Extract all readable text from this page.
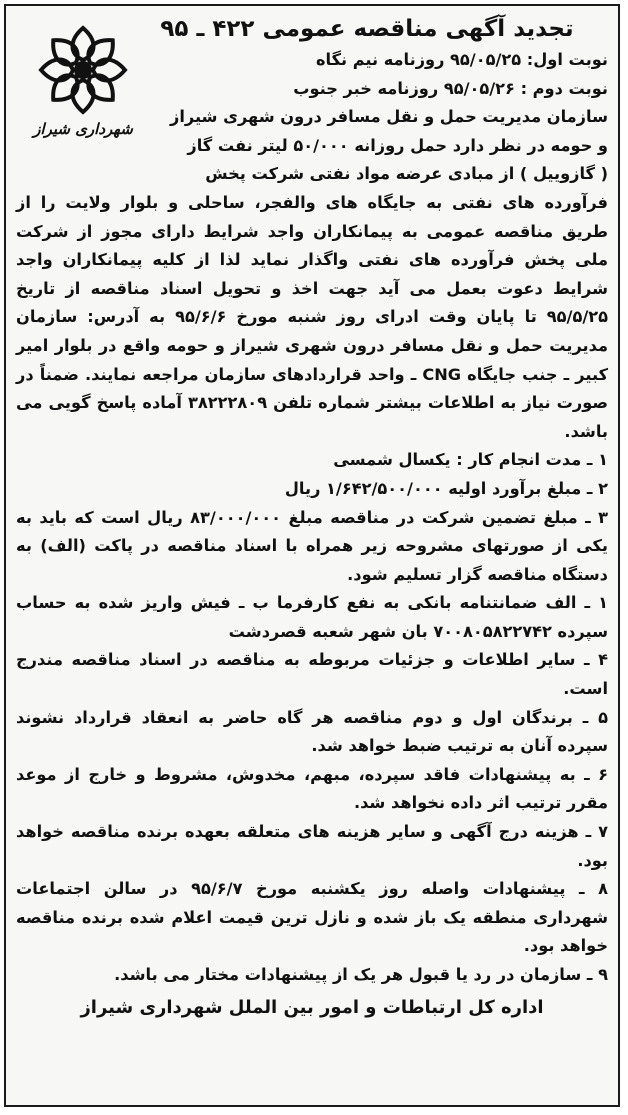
شهرداری شیراز
تجدید آگهی مناقصه عمومی ۴۲۲ ـ ۹۵

نوبت اول: ۹۵/۰۵/۲۵ روزنامه نیم نگاه

نوبت دوم : ۹۵/۰۵/۲۶ روزنامه خبر جنوب

سازمان مدیریت حمل و نقل مسافر درون شهری شیراز

و حومه در نظر دارد حمل روزانه ۵۰/۰۰۰ لیتر نفت گاز

( گازوییل ) از مبادی عرضه مواد نفتی شرکت پخش

فرآورده های نفتی به جایگاه های والفجر، ساحلی و بلوار ولایت را از طریق مناقصه عمومی به پیمانکاران واجد شرایط دارای مجوز از شرکت ملی پخش فرآورده های نفتی واگذار نماید لذا از کلیه پیمانکاران واجد شرایط دعوت بعمل می آید جهت اخذ و تحویل اسناد مناقصه از تاریخ ۹۵/۵/۲۵ تا پایان وقت ادرای روز شنبه مورخ ۹۵/۶/۶ به آدرس: سازمان مدیریت حمل و نقل مسافر درون شهری شیراز و حومه واقع در بلوار امیر کبیر ـ جنب جایگاه CNG ـ واحد قراردادهای سازمان مراجعه نمایند. ضمناً در صورت نیاز به اطلاعات بیشتر شماره تلفن ۳۸۲۲۲۸۰۹ آماده پاسخ گویی می باشد.

۱ ـ مدت انجام کار : یکسال شمسی

۲ ـ مبلغ برآورد اولیه ۱/۶۴۲/۵۰۰/۰۰۰ ریال

۳ ـ مبلغ تضمین شرکت در مناقصه مبلغ ۸۳/۰۰۰/۰۰۰ ریال است که باید به یکی از صورتهای مشروحه زیر همراه با اسناد مناقصه در پاکت (الف) به دستگاه مناقصه گزار تسلیم شود.

۱ ـ الف ضمانتنامه بانکی به نفع کارفرما ب ـ فیش واریز شده به حساب سپرده ۷۰۰۸۰۵۸۲۲۷۴۲ بان شهر شعبه قصردشت

۴ ـ سایر اطلاعات و جزئیات مربوطه به مناقصه در اسناد مناقصه مندرج است.

۵ ـ برندگان اول و دوم مناقصه هر گاه حاضر به انعقاد قرارداد نشوند سپرده آنان به ترتیب ضبط خواهد شد.

۶ ـ به پیشنهادات فاقد سپرده، مبهم، مخدوش، مشروط و خارج از موعد مقرر ترتیب اثر داده نخواهد شد.

۷ ـ هزینه درج آگهی و سایر هزینه های متعلقه بعهده برنده مناقصه خواهد بود.

۸ ـ پیشنهادات واصله روز یکشنبه مورخ ۹۵/۶/۷ در سالن اجتماعات شهرداری منطقه یک باز شده و نازل ترین قیمت اعلام شده برنده مناقصه خواهد بود.

۹ ـ سازمان در رد یا قبول هر یک از پیشنهادات مختار می باشد.

اداره کل ارتباطات و امور بین الملل شهرداری شیراز
